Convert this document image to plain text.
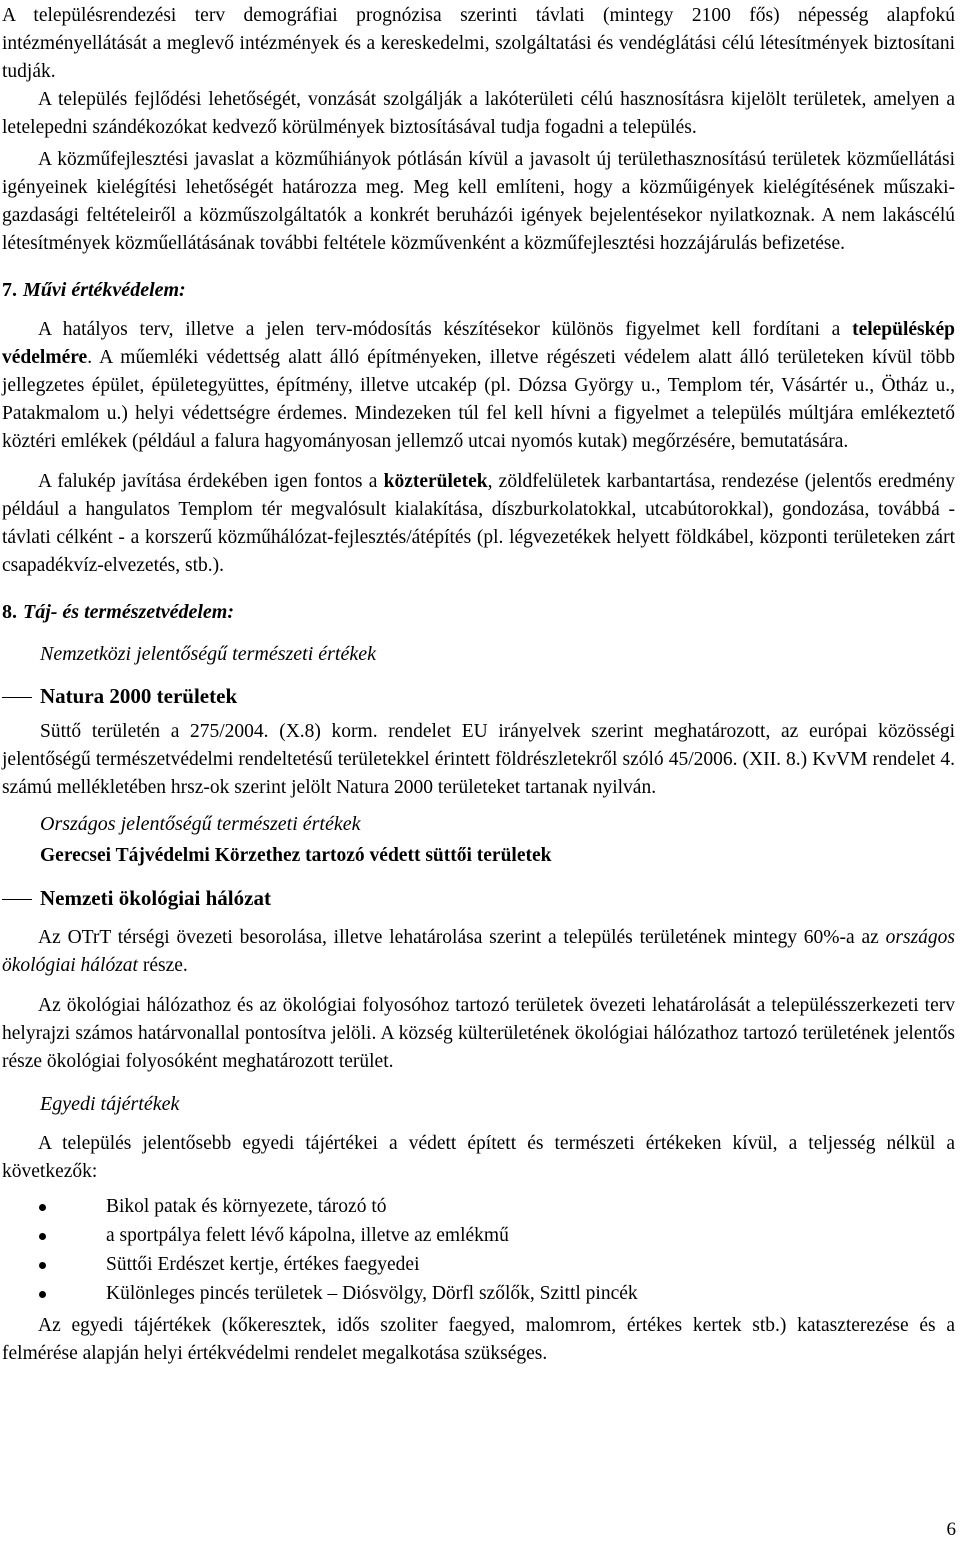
A településrendezési terv demográfiai prognózisa szerinti távlati (mintegy 2100 fős) népesség alapfokú intézményellátását a meglevő intézmények és a kereskedelmi, szolgáltatási és vendéglátási célú létesítmények biztosítani tudják.

A település fejlődési lehetőségét, vonzását szolgálják a lakóterületi célú hasznosításra kijelölt területek, amelyen a letelepedni szándékozókat kedvező körülmények biztosításával tudja fogadni a település.

A közműfejlesztési javaslat a közműhiányok pótlásán kívül a javasolt új területhasznosítású területek közműellátási igényeinek kielégítési lehetőségét határozza meg. Meg kell említeni, hogy a közműigények kielégítésének műszaki-gazdasági feltételeiről a közműszolgáltatók a konkrét beruházói igények bejelentésekor nyilatkoznak. A nem lakáscélú létesítmények közműellátásának további feltétele közművenként a közműfejlesztési hozzájárulás befizetése.

7. Művi értékvédelem:

A hatályos terv, illetve a jelen terv-módosítás készítésekor különös figyelmet kell fordítani a településkép védelmére. A műemléki védettség alatt álló építményeken, illetve régészeti védelem alatt álló területeken kívül több jellegzetes épület, épületegyüttes, építmény, illetve utcakép (pl. Dózsa György u., Templom tér, Vásártér u., Ötház u., Patakmalom u.) helyi védettségre érdemes. Mindezeken túl fel kell hívni a figyelmet a település múltjára emlékeztető köztéri emlékek (például a falura hagyományosan jellemző utcai nyomós kutak) megőrzésére, bemutatására.

A falukép javítása érdekében igen fontos a közterületek, zöldfelületek karbantartása, rendezése (jelentős eredmény például a hangulatos Templom tér megvalósult kialakítása, díszburkolatokkal, utcabútorokkal), gondozása, továbbá - távlati célként - a korszerű közműhálózat-fejlesztés/átépítés (pl. légvezetékek helyett földkábel, központi területeken zárt csapadékvíz-elvezetés, stb.).

8. Táj- és természetvédelem:
Nemzetközi jelentőségű természeti értékek
Natura 2000 területek

Süttő területén a 275/2004. (X.8) korm. rendelet EU irányelvek szerint meghatározott, az európai közösségi jelentőségű természetvédelmi rendeltetésű területekkel érintett földrészletekről szóló 45/2006. (XII. 8.) KvVM rendelet 4. számú mellékletében hrsz-ok szerint jelölt Natura 2000 területeket tartanak nyilván.

Országos jelentőségű természeti értékek
Gerecsei Tájvédelmi Körzethez tartozó védett süttői területek
Nemzeti ökológiai hálózat

Az OTrT térségi övezeti besorolása, illetve lehatárolása szerint a település területének mintegy 60%-a az országos ökológiai hálózat része.

Az ökológiai hálózathoz és az ökológiai folyosóhoz tartozó területek övezeti lehatárolását a településszerkezeti terv helyrajzi számos határvonallal pontosítva jelöli. A község külterületének ökológiai hálózathoz tartozó területének jelentős része ökológiai folyosóként meghatározott terület.

Egyedi tájértékek

A település jelentősebb egyedi tájértékei a védett épített és természeti értékeken kívül, a teljesség nélkül a következők:

Bikol patak és környezete, tározó tó
a sportpálya felett lévő kápolna, illetve az emlékmű
Süttői Erdészet kertje, értékes faegyedei
Különleges pincés területek – Diósvölgy, Dörfl szőlők, Szittl pincék

Az egyedi tájértékek (kőkeresztek, idős szoliter faegyed, malomrom, értékes kertek stb.) kataszterezése és a felmérése alapján helyi értékvédelmi rendelet megalkotása szükséges.

6
